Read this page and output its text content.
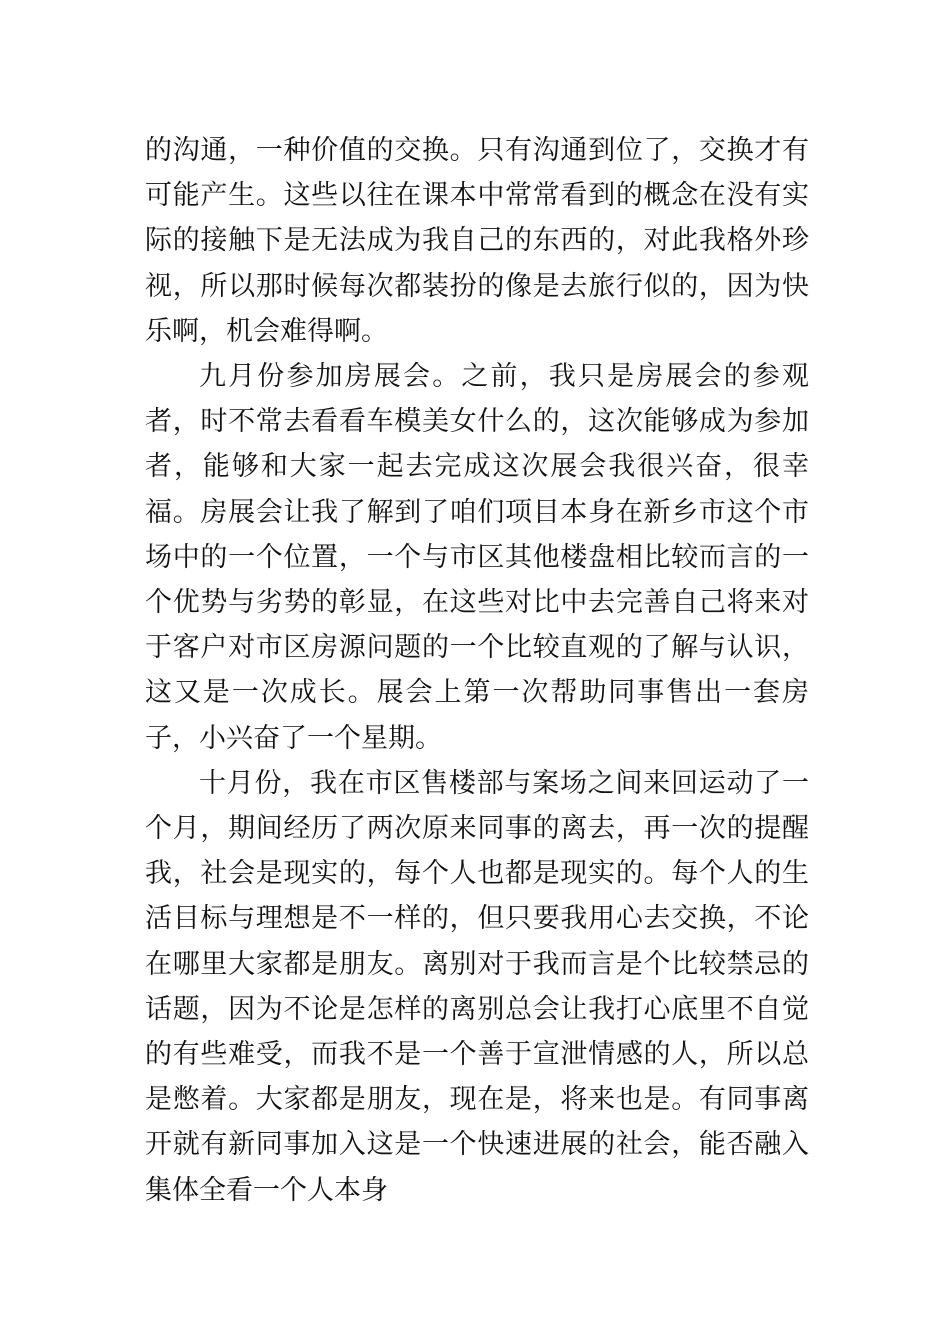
的沟通，一种价值的交换。只有沟通到位了，交换才有可能产生。这些以往在课本中常常看到的概念在没有实际的接触下是无法成为我自己的东西的，对此我格外珍视，所以那时候每次都装扮的像是去旅行似的，因为快乐啊，机会难得啊。

九月份参加房展会。之前，我只是房展会的参观者，时不常去看看车模美女什么的，这次能够成为参加者，能够和大家一起去完成这次展会我很兴奋，很幸福。房展会让我了解到了咱们项目本身在新乡市这个市场中的一个位置，一个与市区其他楼盘相比较而言的一个优势与劣势的彰显，在这些对比中去完善自己将来对于客户对市区房源问题的一个比较直观的了解与认识，这又是一次成长。展会上第一次帮助同事售出一套房子，小兴奋了一个星期。

十月份，我在市区售楼部与案场之间来回运动了一个月，期间经历了两次原来同事的离去，再一次的提醒我，社会是现实的，每个人也都是现实的。每个人的生活目标与理想是不一样的，但只要我用心去交换，不论在哪里大家都是朋友。离别对于我而言是个比较禁忌的话题，因为不论是怎样的离别总会让我打心底里不自觉的有些难受，而我不是一个善于宣泄情感的人，所以总是憋着。大家都是朋友，现在是，将来也是。有同事离开就有新同事加入这是一个快速进展的社会，能否融入集体全看一个人本身
